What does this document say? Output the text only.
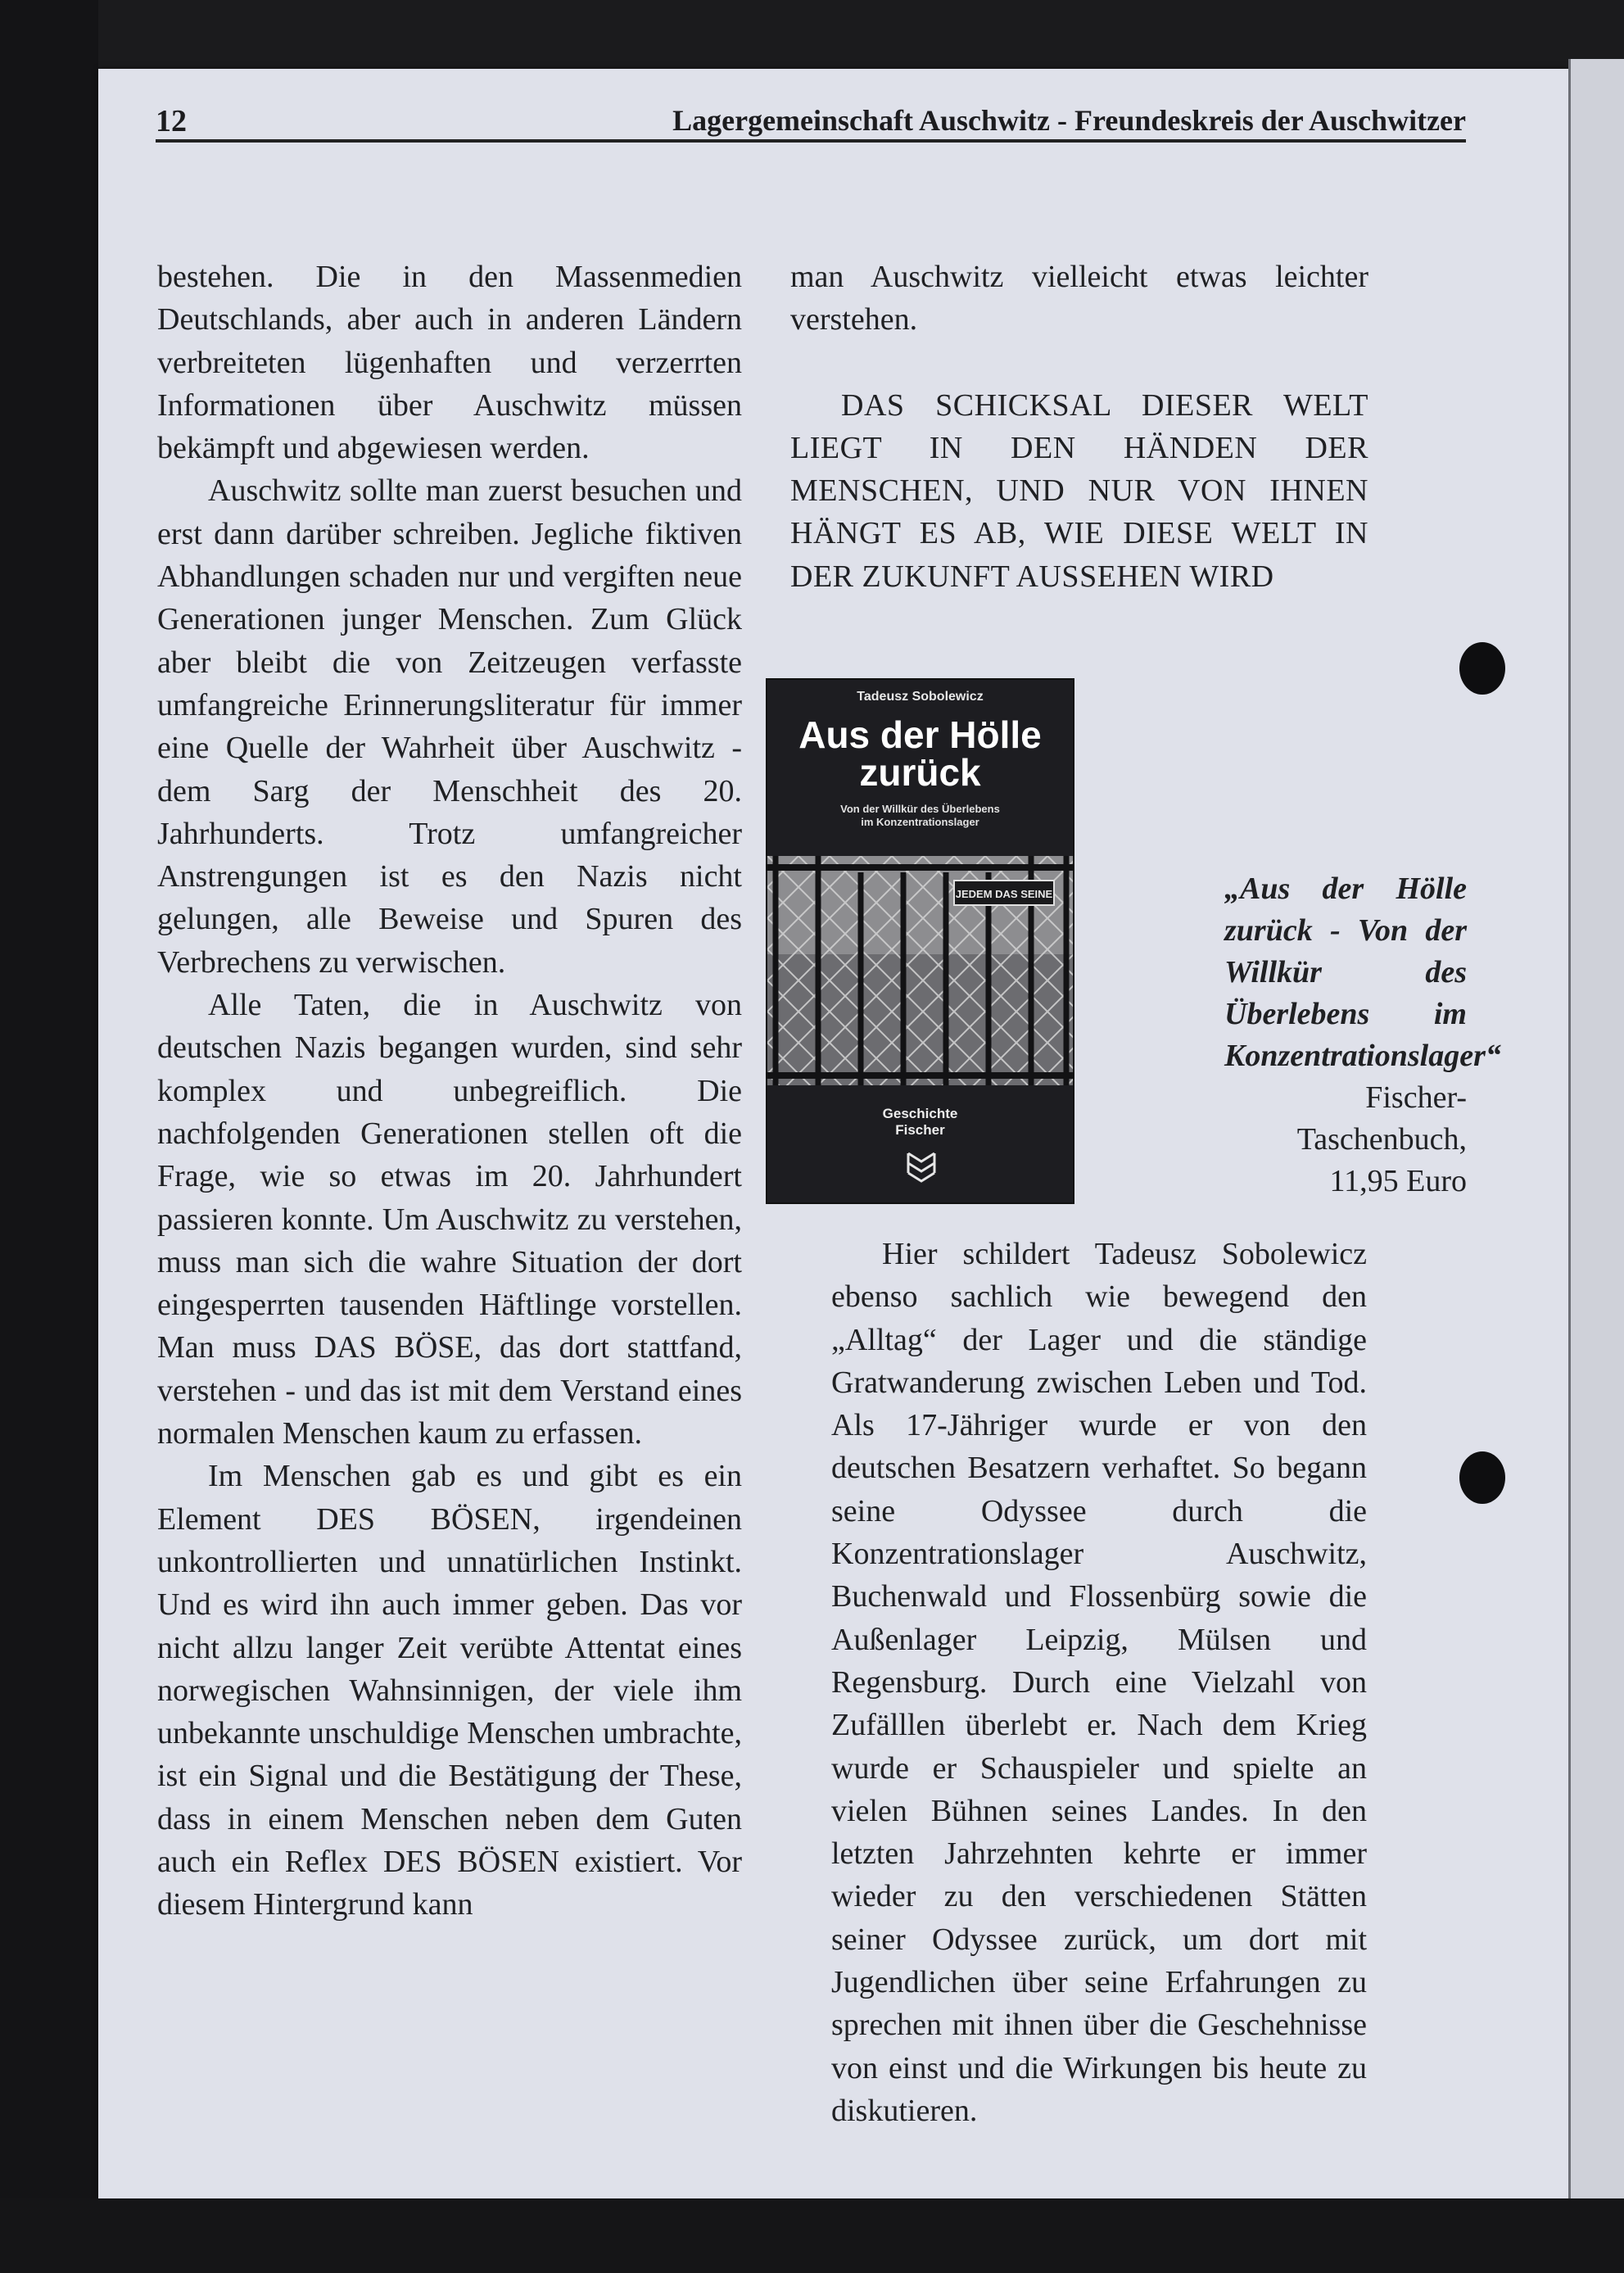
12	Lagergemeinschaft Auschwitz - Freundeskreis der Auschwitzer

bestehen. Die in den Massenmedien Deutschlands, aber auch in anderen Ländern verbreiteten lügenhaften und verzerrten Informationen über Auschwitz müssen bekämpft und abgewiesen werden.

Auschwitz sollte man zuerst besuchen und erst dann darüber schreiben. Jegliche fiktiven Abhandlungen schaden nur und vergiften neue Generationen junger Menschen. Zum Glück aber bleibt die von Zeitzeugen verfasste umfangreiche Erinnerungsliteratur für immer eine Quelle der Wahrheit über Auschwitz - dem Sarg der Menschheit des 20. Jahrhunderts. Trotz umfangreicher Anstrengungen ist es den Nazis nicht gelungen, alle Beweise und Spuren des Verbrechens zu verwischen.

Alle Taten, die in Auschwitz von deutschen Nazis begangen wurden, sind sehr komplex und unbegreiflich. Die nachfolgenden Generationen stellen oft die Frage, wie so etwas im 20. Jahrhundert passieren konnte. Um Auschwitz zu verstehen, muss man sich die wahre Situation der dort eingesperrten tausenden Häftlinge vorstellen. Man muss DAS BÖSE, das dort stattfand, verstehen - und das ist mit dem Verstand eines normalen Menschen kaum zu erfassen.

Im Menschen gab es und gibt es ein Element DES BÖSEN, irgendeinen unkontrollierten und unnatürlichen Instinkt. Und es wird ihn auch immer geben. Das vor nicht allzu langer Zeit verübte Attentat eines norwegischen Wahnsinnigen, der viele ihm unbekannte unschuldige Menschen umbrachte, ist ein Signal und die Bestätigung der These, dass in einem Menschen neben dem Guten auch ein Reflex DES BÖSEN existiert. Vor diesem Hintergrund kann

man Auschwitz vielleicht etwas leichter verstehen.

DAS SCHICKSAL DIESER WELT LIEGT IN DEN HÄNDEN DER MENSCHEN, UND NUR VON IHNEN HÄNGT ES AB, WIE DIESE WELT IN DER ZUKUNFT AUSSEHEN WIRD

Tadeusz Sobolewicz
Aus der Hölle
zurück
Von der Willkür des Überlebens
im Konzentrationslager
JEDEM DAS SEINE
Geschichte
Fischer
„Aus der Hölle zurück - Von der Willkür des Überlebens im Konzentrationslager“
Fischer-Taschenbuch, 11,95 Euro

Hier schildert Tadeusz Sobolewicz ebenso sachlich wie bewegend den „Alltag“ der Lager und die ständige Gratwanderung zwischen Leben und Tod. Als 17-Jähriger wurde er von den deutschen Besatzern verhaftet. So begann seine Odyssee durch die Konzentrationslager Auschwitz, Buchenwald und Flossenbürg sowie die Außenlager Leipzig, Mülsen und Regensburg. Durch eine Vielzahl von Zufälllen überlebt er. Nach dem Krieg wurde er Schauspieler und spielte an vielen Bühnen seines Landes. In den letzten Jahrzehnten kehrte er immer wieder zu den verschiedenen Stätten seiner Odyssee zurück, um dort mit Jugendlichen über seine Erfahrungen zu sprechen mit ihnen über die Geschehnisse von einst und die Wirkungen bis heute zu diskutieren.
